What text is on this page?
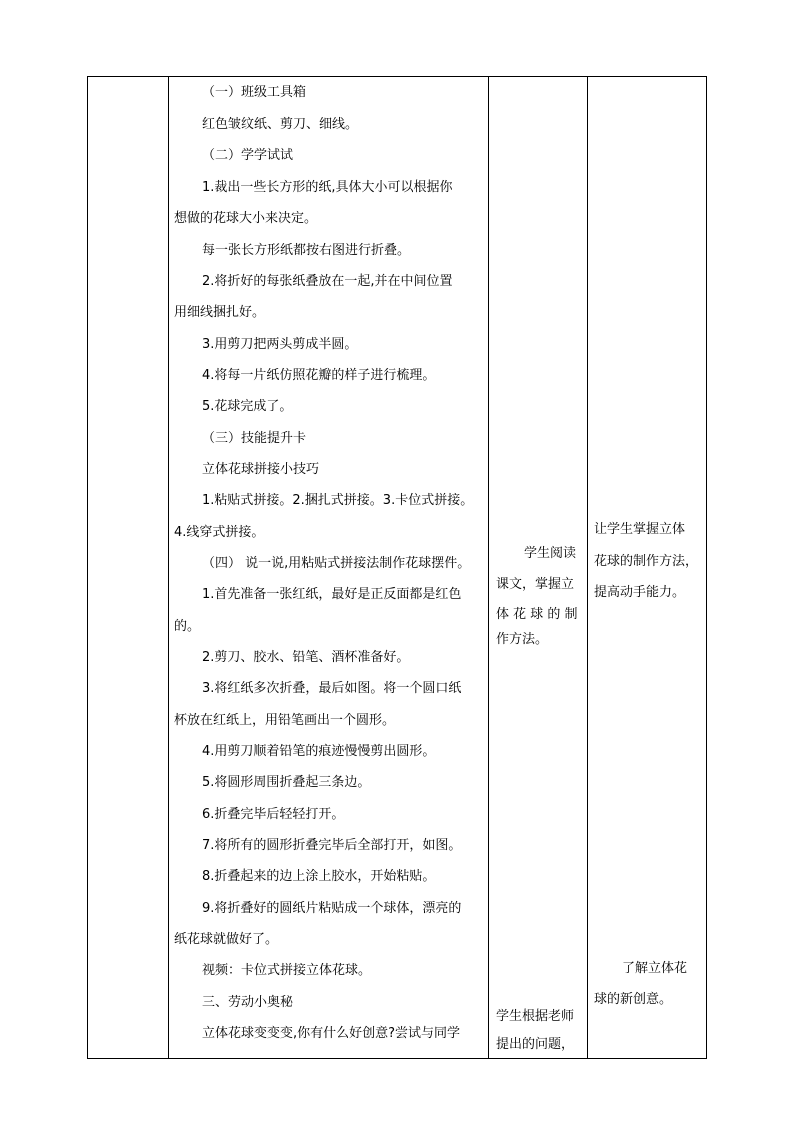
（一）班级工具箱
红色皱纹纸、剪刀、细线。
（二）学学试试
1.裁出一些长方形的纸,具体大小可以根据你
想做的花球大小来决定。
每一张长方形纸都按右图进行折叠。
2.将折好的每张纸叠放在一起,并在中间位置
用细线捆扎好。
3.用剪刀把两头剪成半圆。
4.将每一片纸仿照花瓣的样子进行梳理。
5.花球完成了。
（三）技能提升卡
立体花球拼接小技巧
1.粘贴式拼接。2.捆扎式拼接。3.卡位式拼接。
4.线穿式拼接。
（四） 说一说,用粘贴式拼接法制作花球摆件。
1.首先准备一张红纸，最好是正反面都是红色
的。
2.剪刀、胶水、铅笔、酒杯准备好。
3.将红纸多次折叠，最后如图。将一个圆口纸
杯放在红纸上，用铅笔画出一个圆形。
4.用剪刀顺着铅笔的痕迹慢慢剪出圆形。
5.将圆形周围折叠起三条边。
6.折叠完毕后轻轻打开。
7.将所有的圆形折叠完毕后全部打开，如图。
8.折叠起来的边上涂上胶水，开始粘贴。
9.将折叠好的圆纸片粘贴成一个球体，漂亮的
纸花球就做好了。
视频：卡位式拼接立体花球。
三、劳动小奥秘
立体花球变变变,你有什么好创意?尝试与同学
学生阅读
课文，掌握立
体 花 球 的 制
作方法。
学生根据老师
提出的问题，
让学生掌握立体
花球的制作方法，
提高动手能力。
了解立体花
球的新创意。
